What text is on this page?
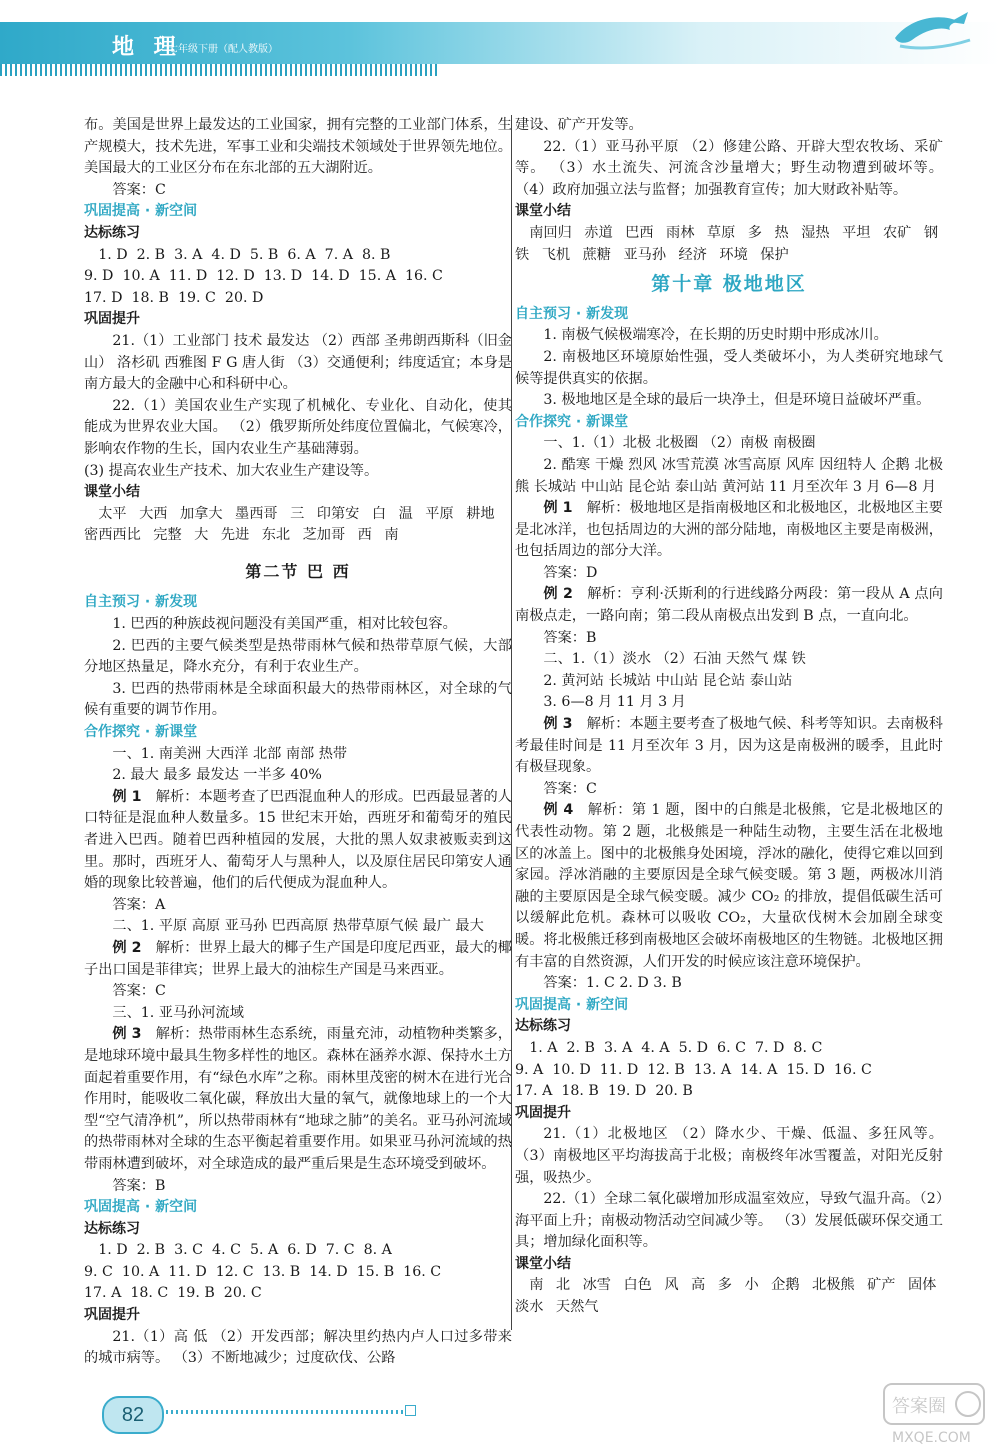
地 理
七年级下册（配人教版）

布。美国是世界上最发达的工业国家，拥有完整的工业部门体系，生产规模大，技术先进，军事工业和尖端技术领域处于世界领先地位。美国最大的工业区分布在东北部的五大湖附近。

答案：C

巩固提高 · 新空间

达标练习

1. D  2. B  3. A  4. D  5. B  6. A  7. A  8. B

9. D  10. A  11. D  12. D  13. D  14. D  15. A  16. C

17. D  18. B  19. C  20. D

巩固提升

21.（1）工业部门 技术 最发达 （2）西部 圣弗朗西斯科（旧金山） 洛杉矶 西雅图 F G 唐人街 （3）交通便利；纬度适宜；本身是南方最大的金融中心和科研中心。

22.（1）美国农业生产实现了机械化、专业化、自动化，使其能成为世界农业大国。 （2）俄罗斯所处纬度位置偏北，气候寒冷，影响农作物的生长，国内农业生产基础薄弱。

(3) 提高农业生产技术、加大农业生产建设等。

课堂小结

太平 大西 加拿大 墨西哥 三 印第安 白 温 平原 耕地 密西西比 完整 大 先进 东北 芝加哥 西 南

第二节 巴 西

自主预习 · 新发现

1. 巴西的种族歧视问题没有美国严重，相对比较包容。

2. 巴西的主要气候类型是热带雨林气候和热带草原气候，大部分地区热量足，降水充分，有利于农业生产。

3. 巴西的热带雨林是全球面积最大的热带雨林区，对全球的气候有重要的调节作用。

合作探究 · 新课堂

一、1. 南美洲 大西洋 北部 南部 热带

2. 最大 最多 最发达 一半多 40%

例 1  解析：本题考查了巴西混血种人的形成。巴西最显著的人口特征是混血种人数量多。15 世纪末开始，西班牙和葡萄牙的殖民者进入巴西。随着巴西种植园的发展，大批的黑人奴隶被贩卖到这里。那时，西班牙人、葡萄牙人与黑种人，以及原住居民印第安人通婚的现象比较普遍，他们的后代便成为混血种人。

答案：A

二、1. 平原 高原 亚马孙 巴西高原 热带草原气候 最广 最大

例 2  解析：世界上最大的椰子生产国是印度尼西亚，最大的椰子出口国是菲律宾；世界上最大的油棕生产国是马来西亚。

答案：C

三、1. 亚马孙河流域

例 3  解析：热带雨林生态系统，雨量充沛，动植物种类繁多，是地球环境中最具生物多样性的地区。森林在涵养水源、保持水土方面起着重要作用，有“绿色水库”之称。雨林里茂密的树木在进行光合作用时，能吸收二氧化碳，释放出大量的氧气，就像地球上的一个大型“空气清净机”，所以热带雨林有“地球之肺”的美名。亚马孙河流域的热带雨林对全球的生态平衡起着重要作用。如果亚马孙河流域的热带雨林遭到破坏，对全球造成的最严重后果是生态环境受到破坏。

答案：B

巩固提高 · 新空间

达标练习

1. D  2. B  3. C  4. C  5. A  6. D  7. C  8. A

9. C  10. A  11. D  12. C  13. B  14. D  15. B  16. C

17. A  18. C  19. B  20. C

巩固提升

21.（1）高 低 （2）开发西部；解决里约热内卢人口过多带来的城市病等。 （3）不断地减少；过度砍伐、公路

建设、矿产开发等。

22.（1）亚马孙平原 （2）修建公路、开辟大型农牧场、采矿等。 （3）水土流失、河流含沙量增大；野生动物遭到破坏等。 （4）政府加强立法与监督；加强教育宣传；加大财政补贴等。

课堂小结

南回归 赤道 巴西 雨林 草原 多 热 湿热 平坦 农矿 钢铁 飞机 蔗糖 亚马孙 经济 环境 保护

第十章 极地地区

自主预习 · 新发现

1. 南极气候极端寒冷，在长期的历史时期中形成冰川。

2. 南极地区环境原始性强，受人类破坏小，为人类研究地球气候等提供真实的依据。

3. 极地地区是全球的最后一块净土，但是环境日益破坏严重。

合作探究 · 新课堂

一、1.（1）北极 北极圈 （2）南极 南极圈

2. 酷寒 干燥 烈风 冰雪荒漠 冰雪高原 风库 因纽特人 企鹅 北极熊 长城站 中山站 昆仑站 泰山站 黄河站 11 月至次年 3 月 6—8 月

例 1  解析：极地地区是指南极地区和北极地区，北极地区主要是北冰洋，也包括周边的大洲的部分陆地，南极地区主要是南极洲，也包括周边的部分大洋。

答案：D

例 2  解析：亨利·沃斯利的行进线路分两段：第一段从 A 点向南极点走，一路向南；第二段从南极点出发到 B 点，一直向北。

答案：B

二、1.（1）淡水 （2）石油 天然气 煤 铁

2. 黄河站 长城站 中山站 昆仑站 泰山站

3. 6—8 月 11 月 3 月

例 3  解析：本题主要考查了极地气候、科考等知识。去南极科考最佳时间是 11 月至次年 3 月，因为这是南极洲的暖季，且此时有极昼现象。

答案：C

例 4  解析：第 1 题，图中的白熊是北极熊，它是北极地区的代表性动物。第 2 题，北极熊是一种陆生动物，主要生活在北极地区的冰盖上。图中的北极熊身处困境，浮冰的融化，使得它难以回到家园。浮冰消融的主要原因是全球气候变暖。第 3 题，两极冰川消融的主要原因是全球气候变暖。减少 CO₂ 的排放，提倡低碳生活可以缓解此危机。森林可以吸收 CO₂，大量砍伐树木会加剧全球变暖。将北极熊迁移到南极地区会破坏南极地区的生物链。北极地区拥有丰富的自然资源，人们开发的时候应该注意环境保护。

答案：1. C 2. D 3. B

巩固提高 · 新空间

达标练习

1. A  2. B  3. A  4. A  5. D  6. C  7. D  8. C

9. A  10. D  11. D  12. B  13. A  14. A  15. D  16. C

17. A  18. B  19. D  20. B

巩固提升

21.（1）北极地区 （2）降水少、干燥、低温、多狂风等。 （3）南极地区平均海拔高于北极；南极终年冰雪覆盖，对阳光反射强，吸热少。

22.（1）全球二氧化碳增加形成温室效应，导致气温升高。（2）海平面上升；南极动物活动空间减少等。 （3）发展低碳环保交通工具；增加绿化面积等。

课堂小结

南 北 冰雪 白色 风 高 多 小 企鹅 北极熊 矿产 固体淡水 天然气

82	答案圈
MXQE.COM
